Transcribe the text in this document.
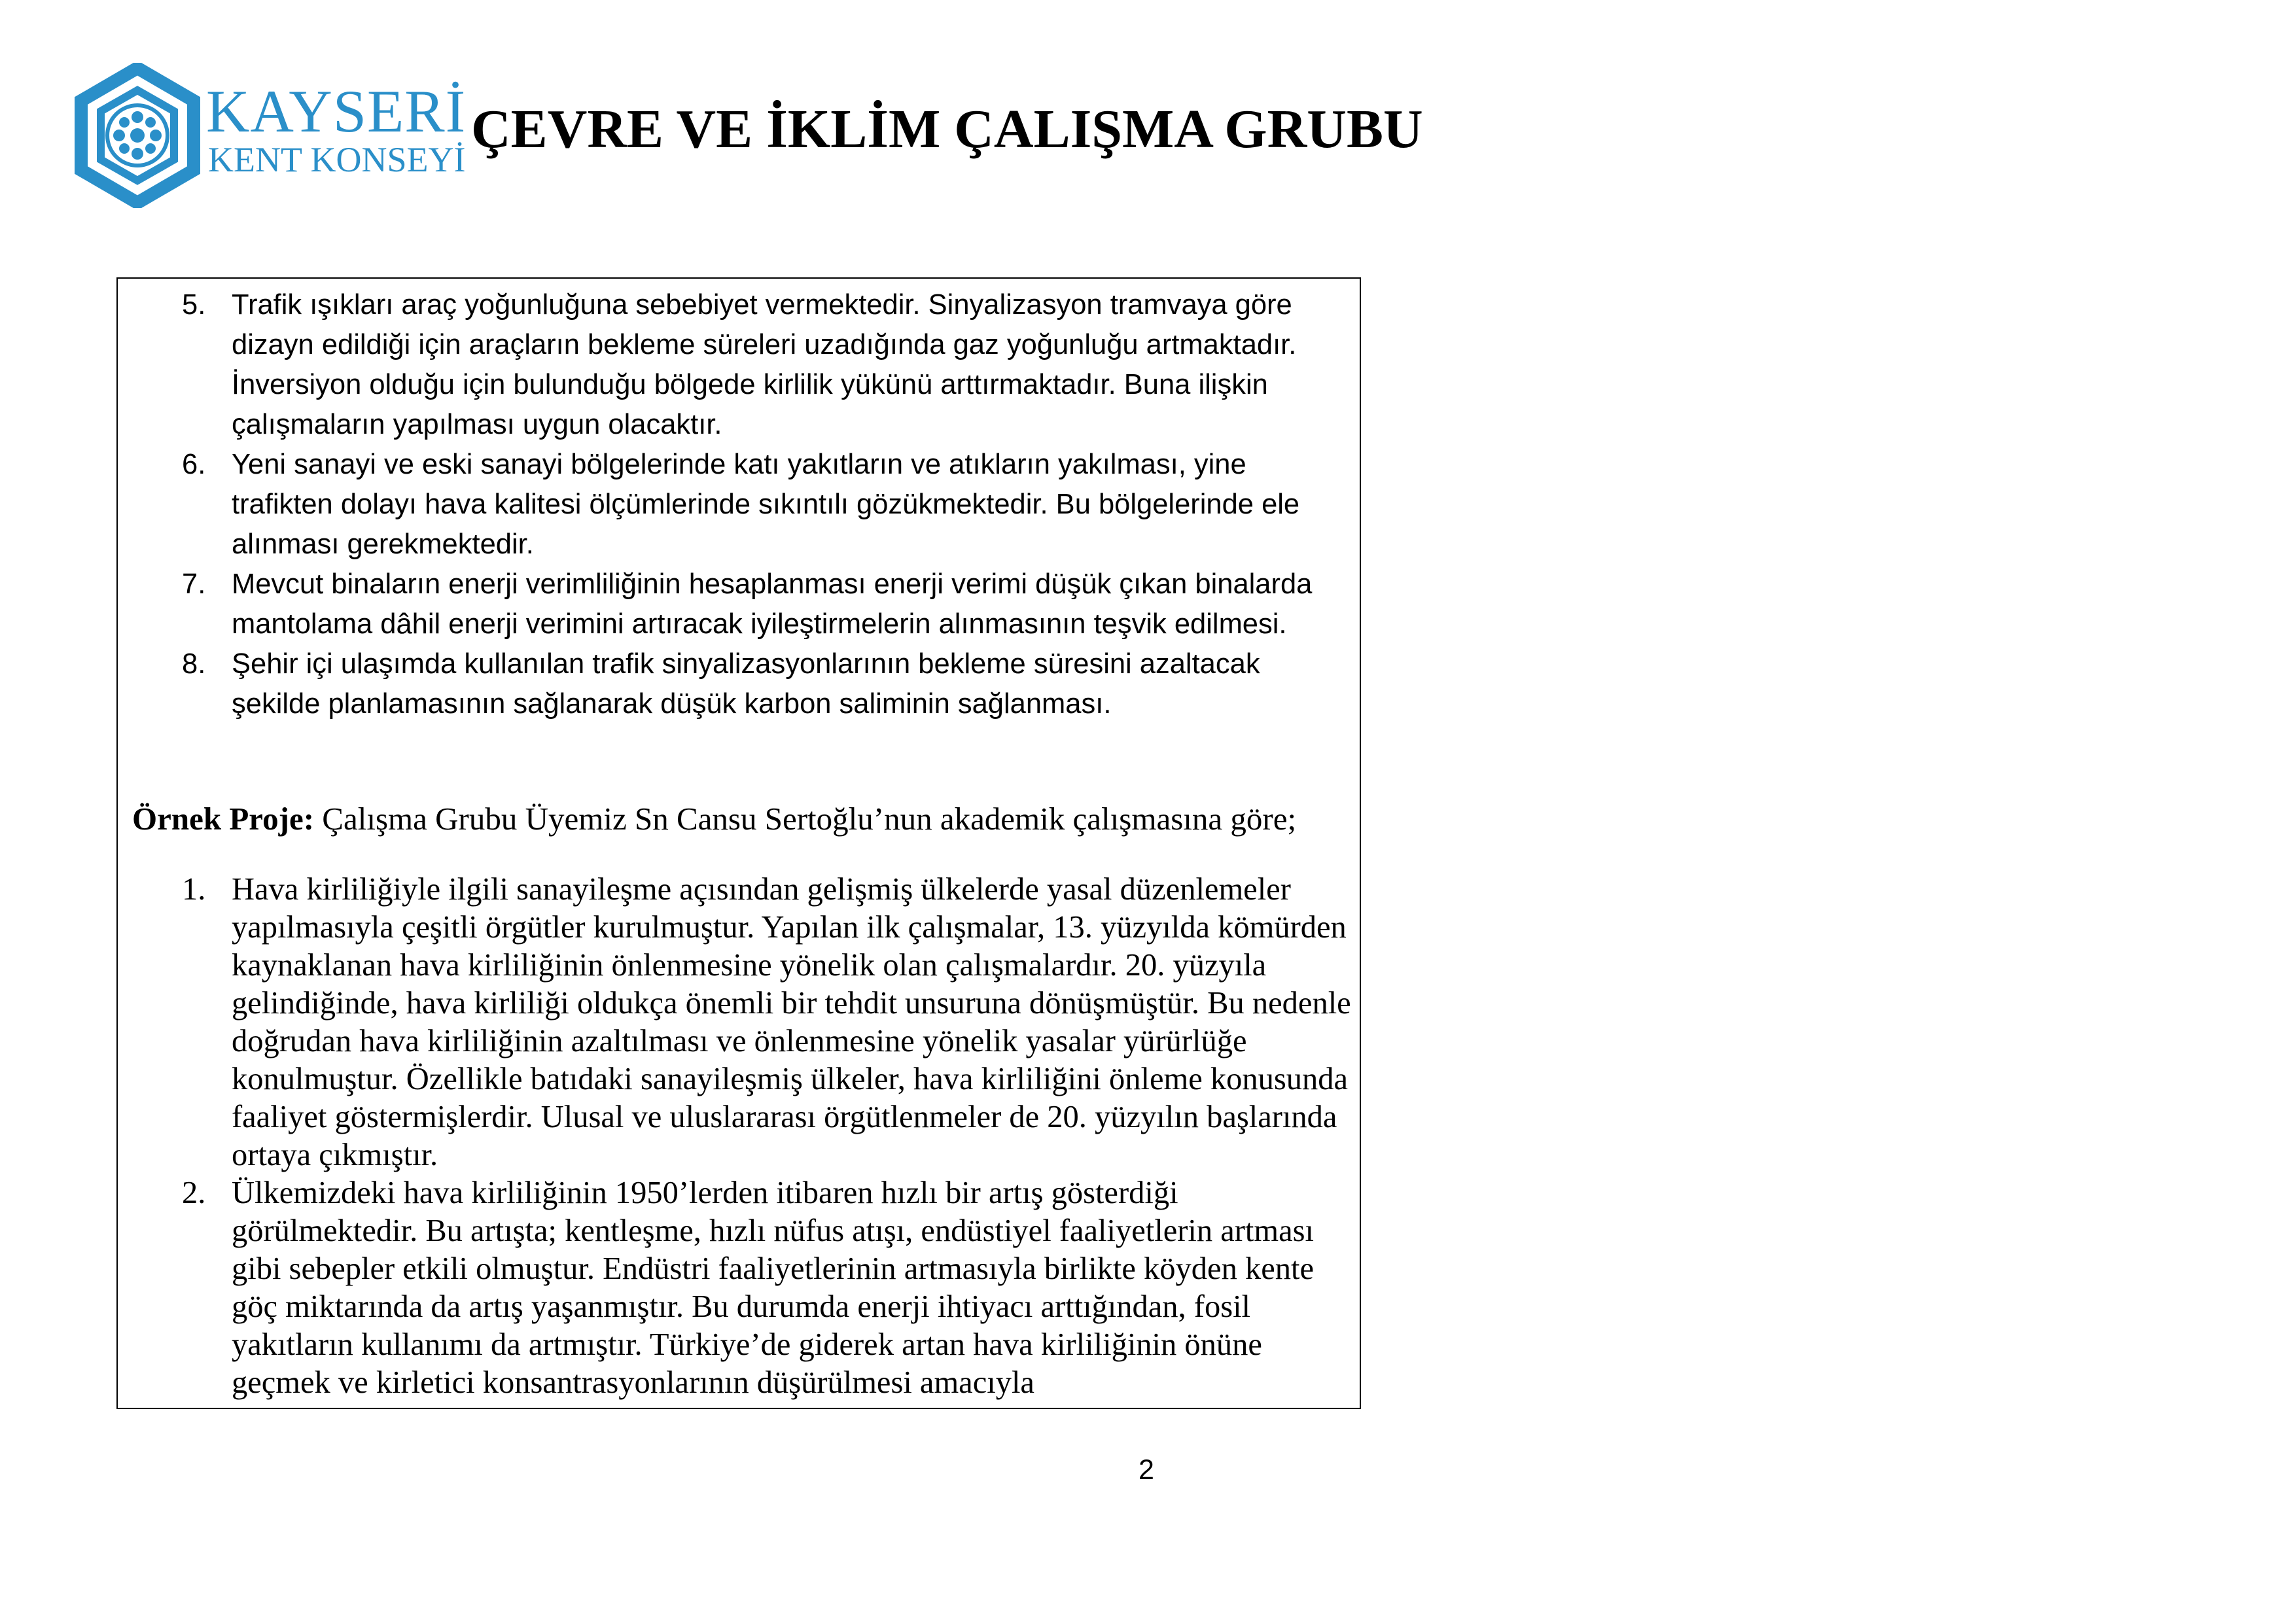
KAYSERİ
KENT KONSEYİ ÇEVRE VE İKLİM ÇALIŞMA GRUBU
5. Trafik ışıkları araç yoğunluğuna sebebiyet vermektedir. Sinyalizasyon tramvaya göre dizayn edildiği için araçların bekleme süreleri uzadığında gaz yoğunluğu artmaktadır. İnversiyon olduğu için bulunduğu bölgede kirlilik yükünü arttırmaktadır. Buna ilişkin çalışmaların yapılması uygun olacaktır.
6. Yeni sanayi ve eski sanayi bölgelerinde katı yakıtların ve atıkların yakılması, yine trafikten dolayı hava kalitesi ölçümlerinde sıkıntılı gözükmektedir. Bu bölgelerinde ele alınması gerekmektedir.
7. Mevcut binaların enerji verimliliğinin hesaplanması enerji verimi düşük çıkan binalarda mantolama dâhil enerji verimini artıracak iyileştirmelerin alınmasının teşvik edilmesi.
8. Şehir içi ulaşımda kullanılan trafik sinyalizasyonlarının bekleme süresini azaltacak şekilde planlamasının sağlanarak düşük karbon saliminin sağlanması.
Örnek Proje: Çalışma Grubu Üyemiz Sn Cansu Sertoğlu’nun akademik çalışmasına göre;
1. Hava kirliliğiyle ilgili sanayileşme açısından gelişmiş ülkelerde yasal düzenlemeler yapılmasıyla çeşitli örgütler kurulmuştur. Yapılan ilk çalışmalar, 13. yüzyılda kömürden kaynaklanan hava kirliliğinin önlenmesine yönelik olan çalışmalardır. 20. yüzyıla gelindiğinde, hava kirliliği oldukça önemli bir tehdit unsuruna dönüşmüştür. Bu nedenle doğrudan hava kirliliğinin azaltılması ve önlenmesine yönelik yasalar yürürlüğe konulmuştur. Özellikle batıdaki sanayileşmiş ülkeler, hava kirliliğini önleme konusunda faaliyet göstermişlerdir. Ulusal ve uluslararası örgütlenmeler de 20. yüzyılın başlarında ortaya çıkmıştır.
2. Ülkemizdeki hava kirliliğinin 1950’lerden itibaren hızlı bir artış gösterdiği görülmektedir. Bu artışta; kentleşme, hızlı nüfus atışı, endüstiyel faaliyetlerin artması gibi sebepler etkili olmuştur. Endüstri faaliyetlerinin artmasıyla birlikte köyden kente göç miktarında da artış yaşanmıştır. Bu durumda enerji ihtiyacı arttığından, fosil yakıtların kullanımı da artmıştır. Türkiye’de giderek artan hava kirliliğinin önüne geçmek ve kirletici konsantrasyonlarının düşürülmesi amacıyla
2
